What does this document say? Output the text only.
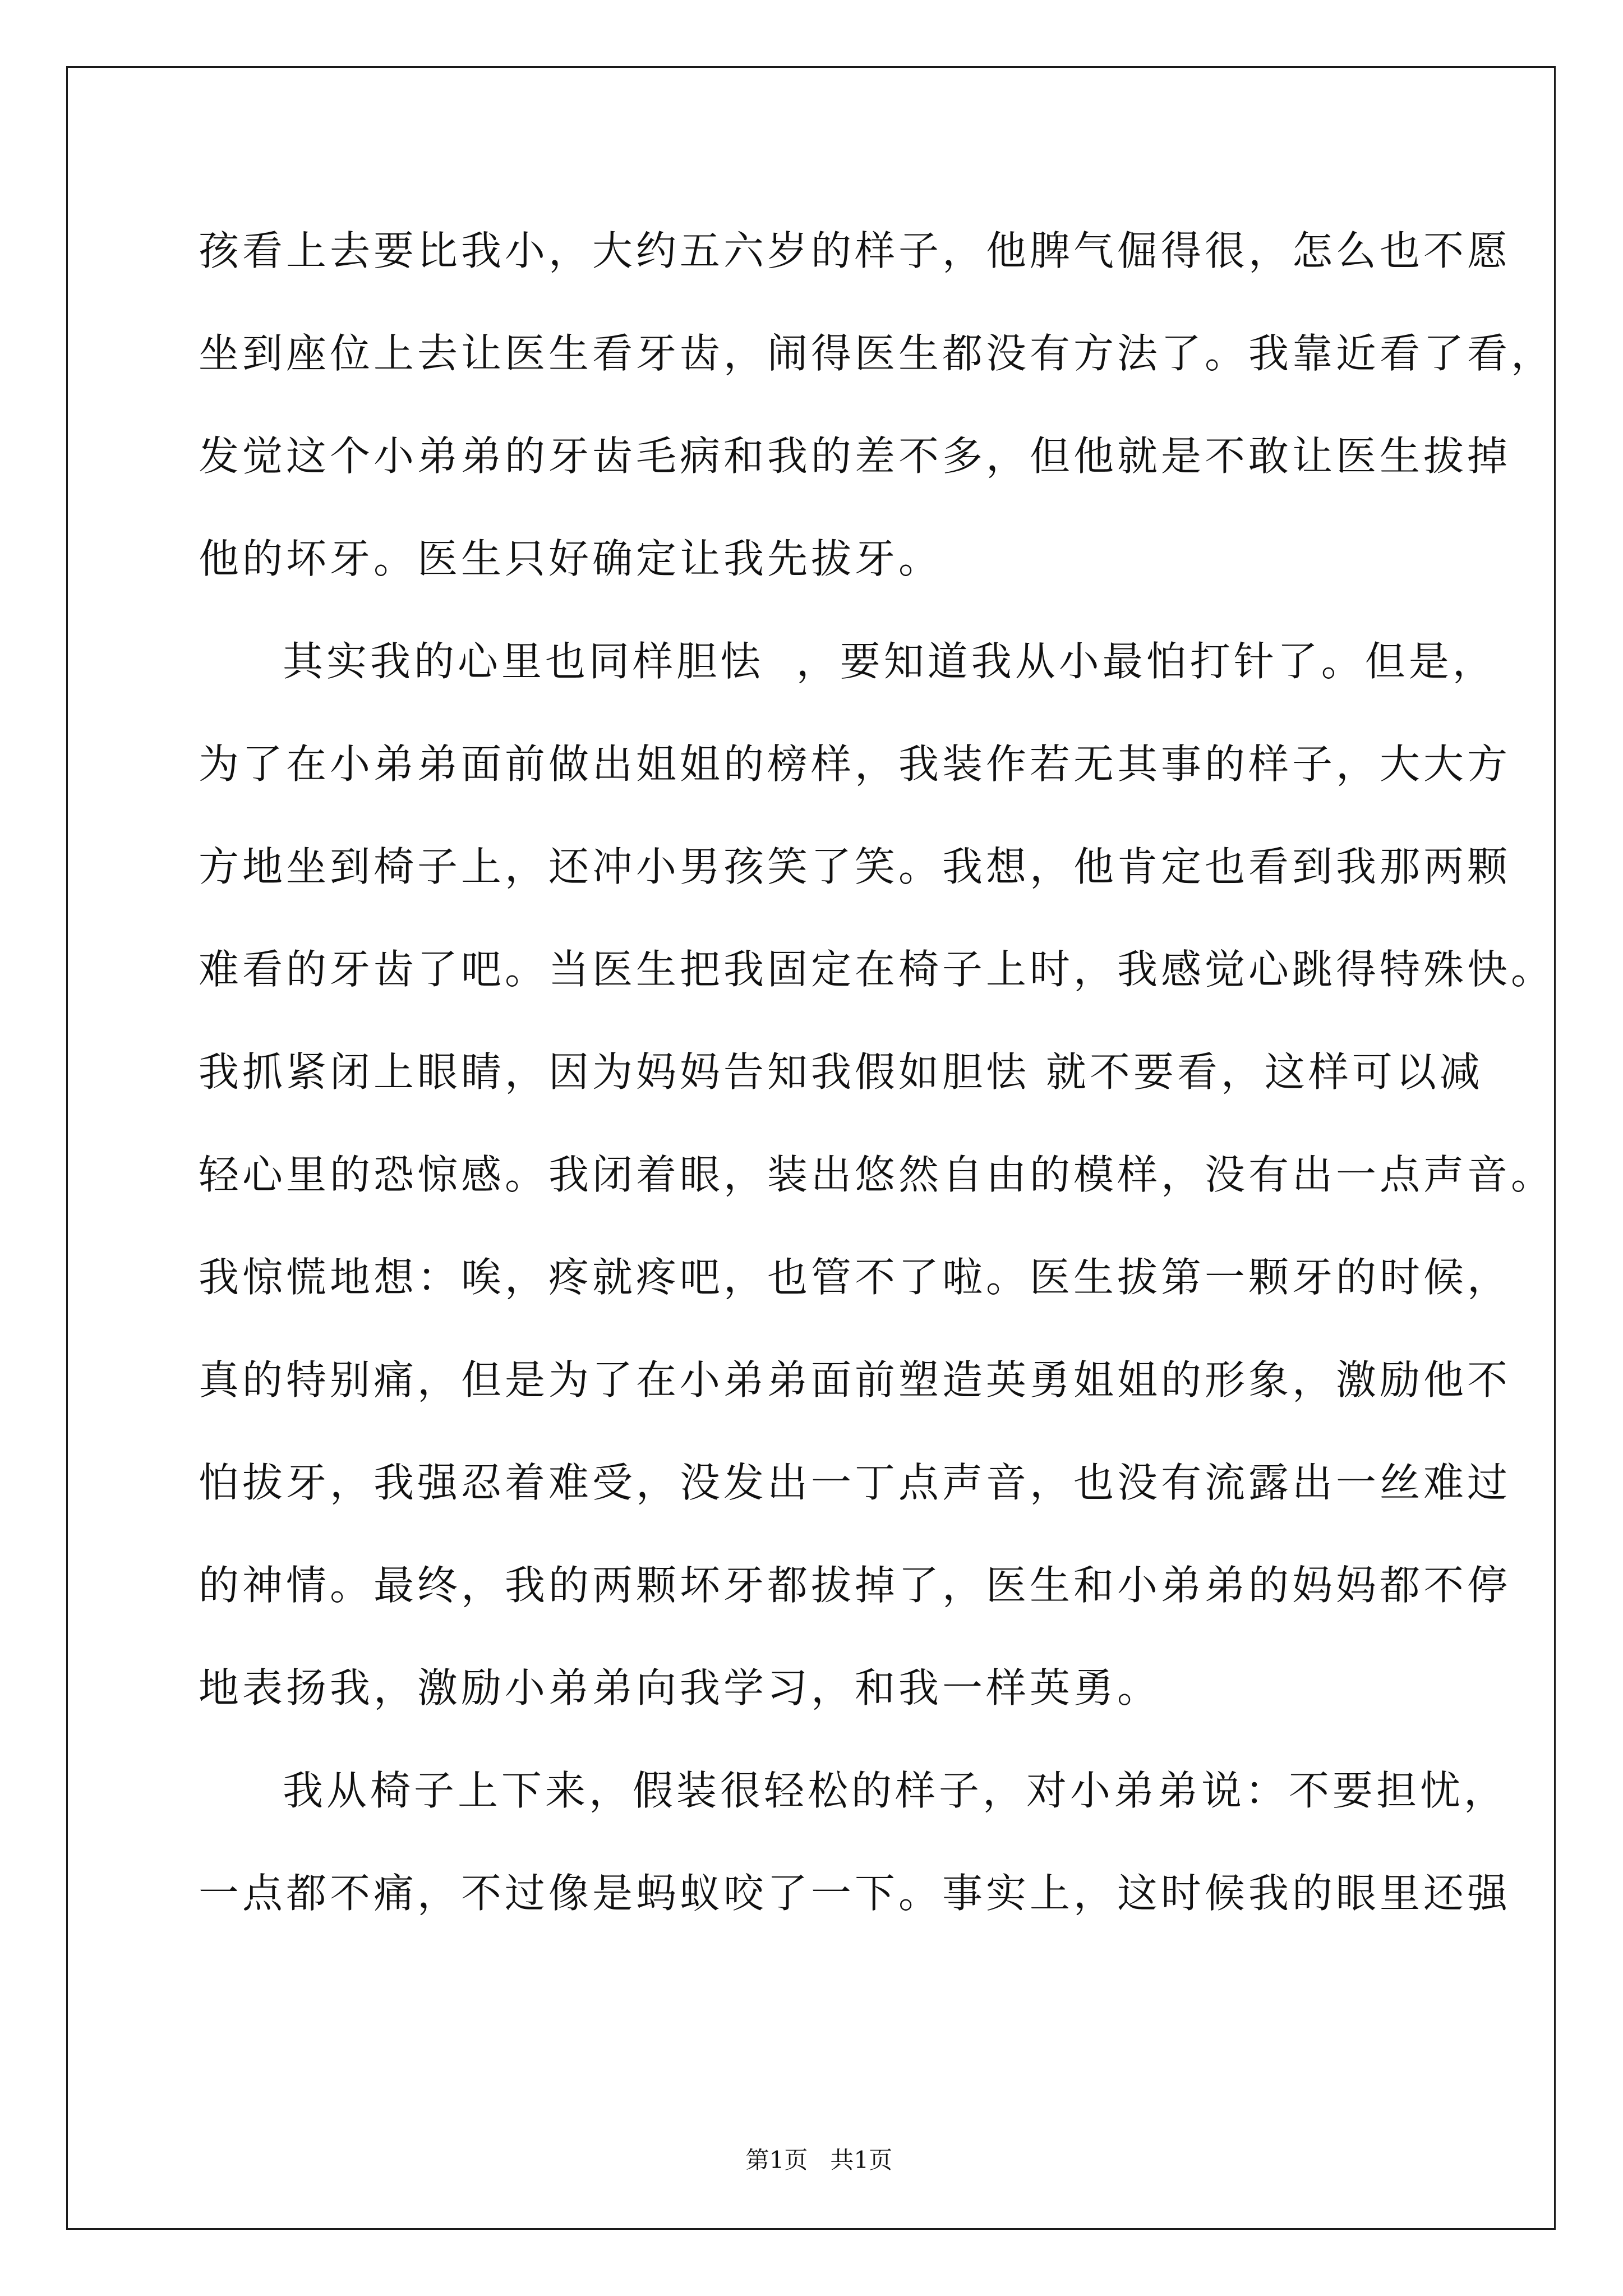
孩看上去要比我小，大约五六岁的样子，他脾气倔得很，怎么也不愿
坐到座位上去让医生看牙齿，闹得医生都没有方法了。我靠近看了看，
发觉这个小弟弟的牙齿毛病和我的差不多，但他就是不敢让医生拔掉
他的坏牙。医生只好确定让我先拔牙。
其实我的心里也同样胆怯  ，要知道我从小最怕打针了。但是，
为了在小弟弟面前做出姐姐的榜样，我装作若无其事的样子，大大方
方地坐到椅子上，还冲小男孩笑了笑。我想，他肯定也看到我那两颗
难看的牙齿了吧。当医生把我固定在椅子上时，我感觉心跳得特殊快。
我抓紧闭上眼睛，因为妈妈告知我假如胆怯 就不要看，这样可以减
轻心里的恐惊感。我闭着眼，装出悠然自由的模样，没有出一点声音。
我惊慌地想：唉，疼就疼吧，也管不了啦。医生拔第一颗牙的时候，
真的特别痛，但是为了在小弟弟面前塑造英勇姐姐的形象，激励他不
怕拔牙，我强忍着难受，没发出一丁点声音，也没有流露出一丝难过
的神情。最终，我的两颗坏牙都拔掉了，医生和小弟弟的妈妈都不停
地表扬我，激励小弟弟向我学习，和我一样英勇。
我从椅子上下来，假装很轻松的样子，对小弟弟说：不要担忧，
一点都不痛，不过像是蚂蚁咬了一下。事实上，这时候我的眼里还强

第1页   共1页
